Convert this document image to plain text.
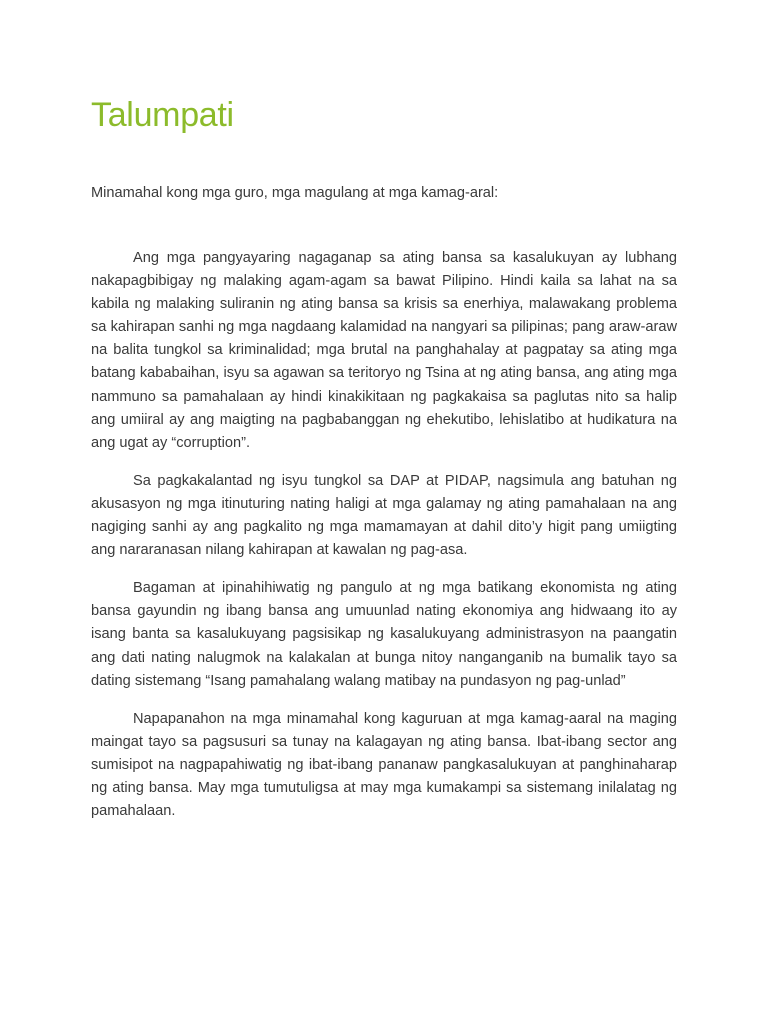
Talumpati

Minamahal kong mga guro, mga magulang at mga kamag-aral:

Ang mga pangyayaring nagaganap sa ating bansa sa kasalukuyan ay lubhang nakapagbibigay ng malaking agam-agam sa bawat Pilipino. Hindi kaila sa lahat na sa kabila ng malaking suliranin ng ating bansa sa krisis sa enerhiya, malawakang problema sa kahirapan sanhi ng mga nagdaang kalamidad na nangyari sa pilipinas; pang araw-araw na balita tungkol sa kriminalidad; mga brutal na panghahalay at pagpatay sa ating mga batang kababaihan, isyu sa agawan sa teritoryo ng Tsina at ng ating bansa, ang ating mga nammuno sa pamahalaan ay hindi kinakikitaan ng pagkakaisa sa paglutas nito sa halip ang umiiral ay ang maigting na pagbabanggan ng ehekutibo, lehislatibo at hudikatura na ang ugat ay “corruption”.

Sa pagkakalantad ng isyu tungkol sa DAP at PIDAP, nagsimula ang batuhan ng akusasyon ng mga itinuturing nating haligi at mga galamay ng ating pamahalaan na ang nagiging sanhi ay ang pagkalito ng mga mamamayan at dahil dito’y higit pang umiigting ang nararanasan nilang kahirapan at kawalan ng pag-asa.

Bagaman at ipinahihiwatig ng pangulo at ng mga batikang ekonomista ng ating bansa gayundin ng ibang bansa ang umuunlad nating ekonomiya ang hidwaang ito ay isang banta sa kasalukuyang pagsisikap ng kasalukuyang administrasyon na paangatin ang dati nating nalugmok na kalakalan at bunga nitoy nanganganib na bumalik tayo sa dating sistemang “Isang pamahalang walang matibay na pundasyon ng pag-unlad”

Napapanahon na mga minamahal kong kaguruan at mga kamag-aaral na maging maingat tayo sa pagsusuri sa tunay na kalagayan ng ating bansa. Ibat-ibang sector ang sumisipot na nagpapahiwatig ng ibat-ibang pananaw pangkasalukuyan at panghinaharap ng ating bansa. May mga tumutuligsa at may mga kumakampi sa sistemang inilalatag ng pamahalaan.
